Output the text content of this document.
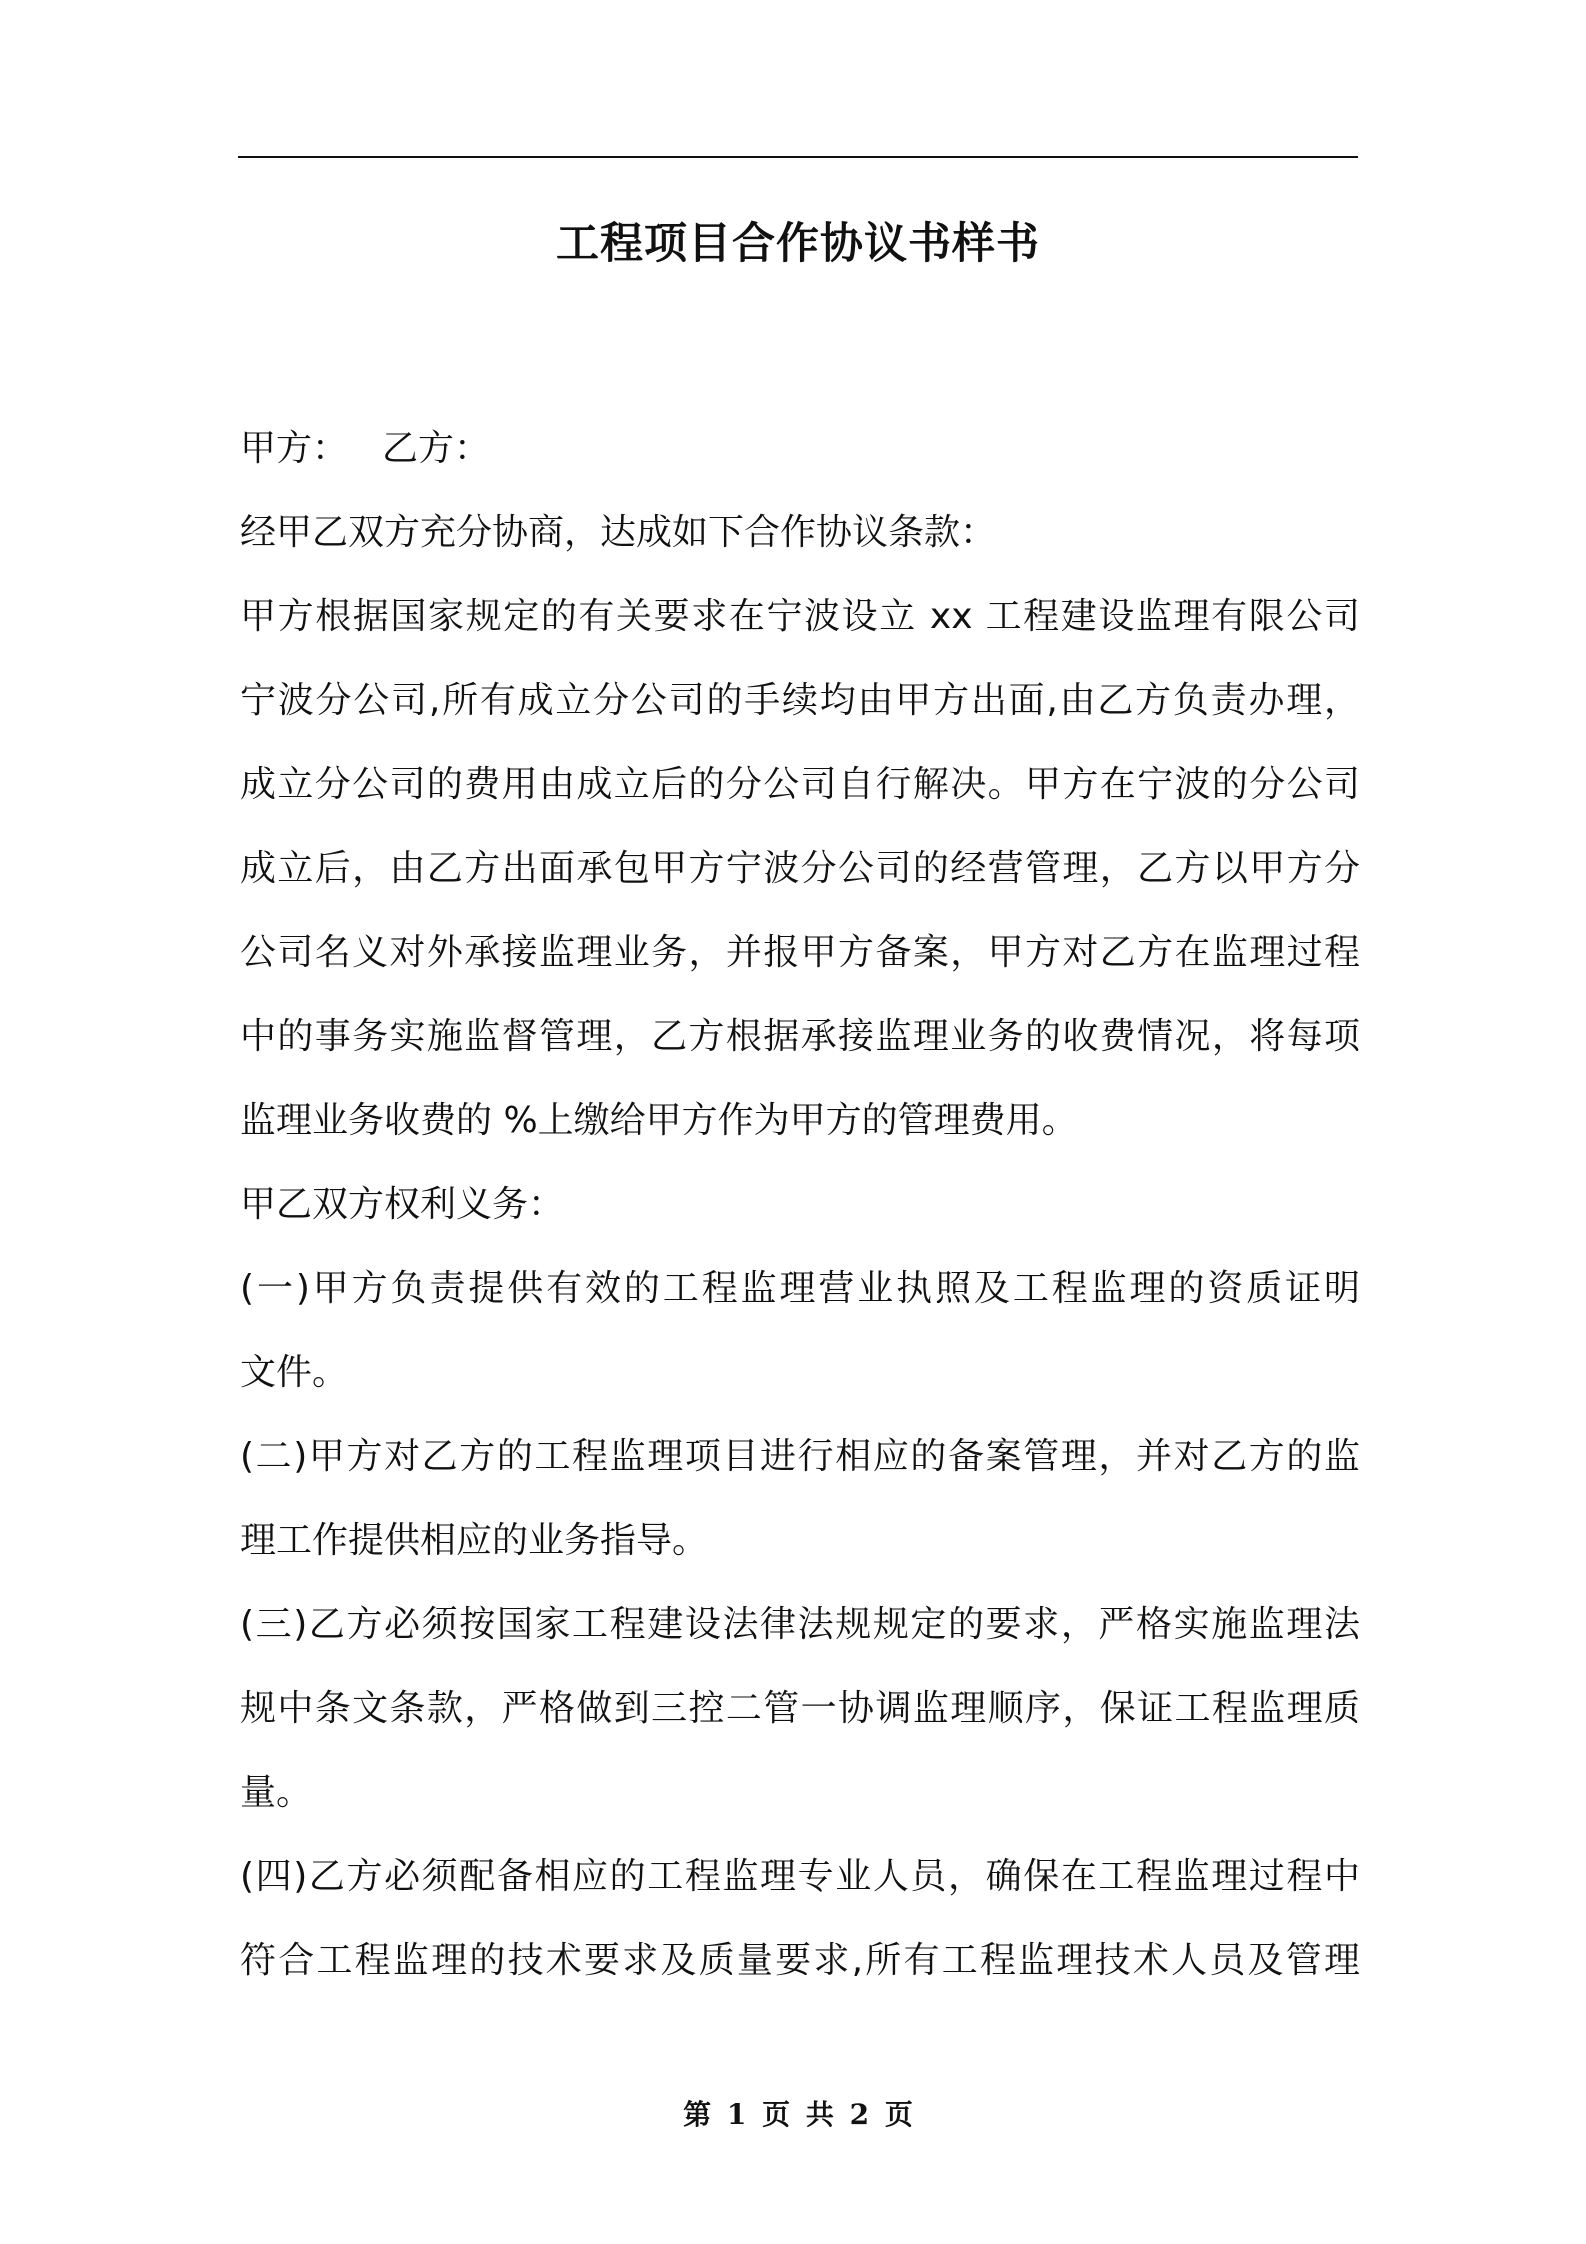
工程项目合作协议书样书
甲方： 乙方：
经甲乙双方充分协商，达成如下合作协议条款：
甲方根据国家规定的有关要求在宁波设立 xx 工程建设监理有限公司
宁波分公司,所有成立分公司的手续均由甲方出面,由乙方负责办理，
成立分公司的费用由成立后的分公司自行解决。甲方在宁波的分公司
成立后，由乙方出面承包甲方宁波分公司的经营管理，乙方以甲方分
公司名义对外承接监理业务，并报甲方备案，甲方对乙方在监理过程
中的事务实施监督管理，乙方根据承接监理业务的收费情况，将每项
监理业务收费的 %上缴给甲方作为甲方的管理费用。
甲乙双方权利义务：
(一)甲方负责提供有效的工程监理营业执照及工程监理的资质证明
文件。
(二)甲方对乙方的工程监理项目进行相应的备案管理，并对乙方的监
理工作提供相应的业务指导。
(三)乙方必须按国家工程建设法律法规规定的要求，严格实施监理法
规中条文条款，严格做到三控二管一协调监理顺序，保证工程监理质
量。
(四)乙方必须配备相应的工程监理专业人员，确保在工程监理过程中
符合工程监理的技术要求及质量要求,所有工程监理技术人员及管理
第 1 页 共 2 页
